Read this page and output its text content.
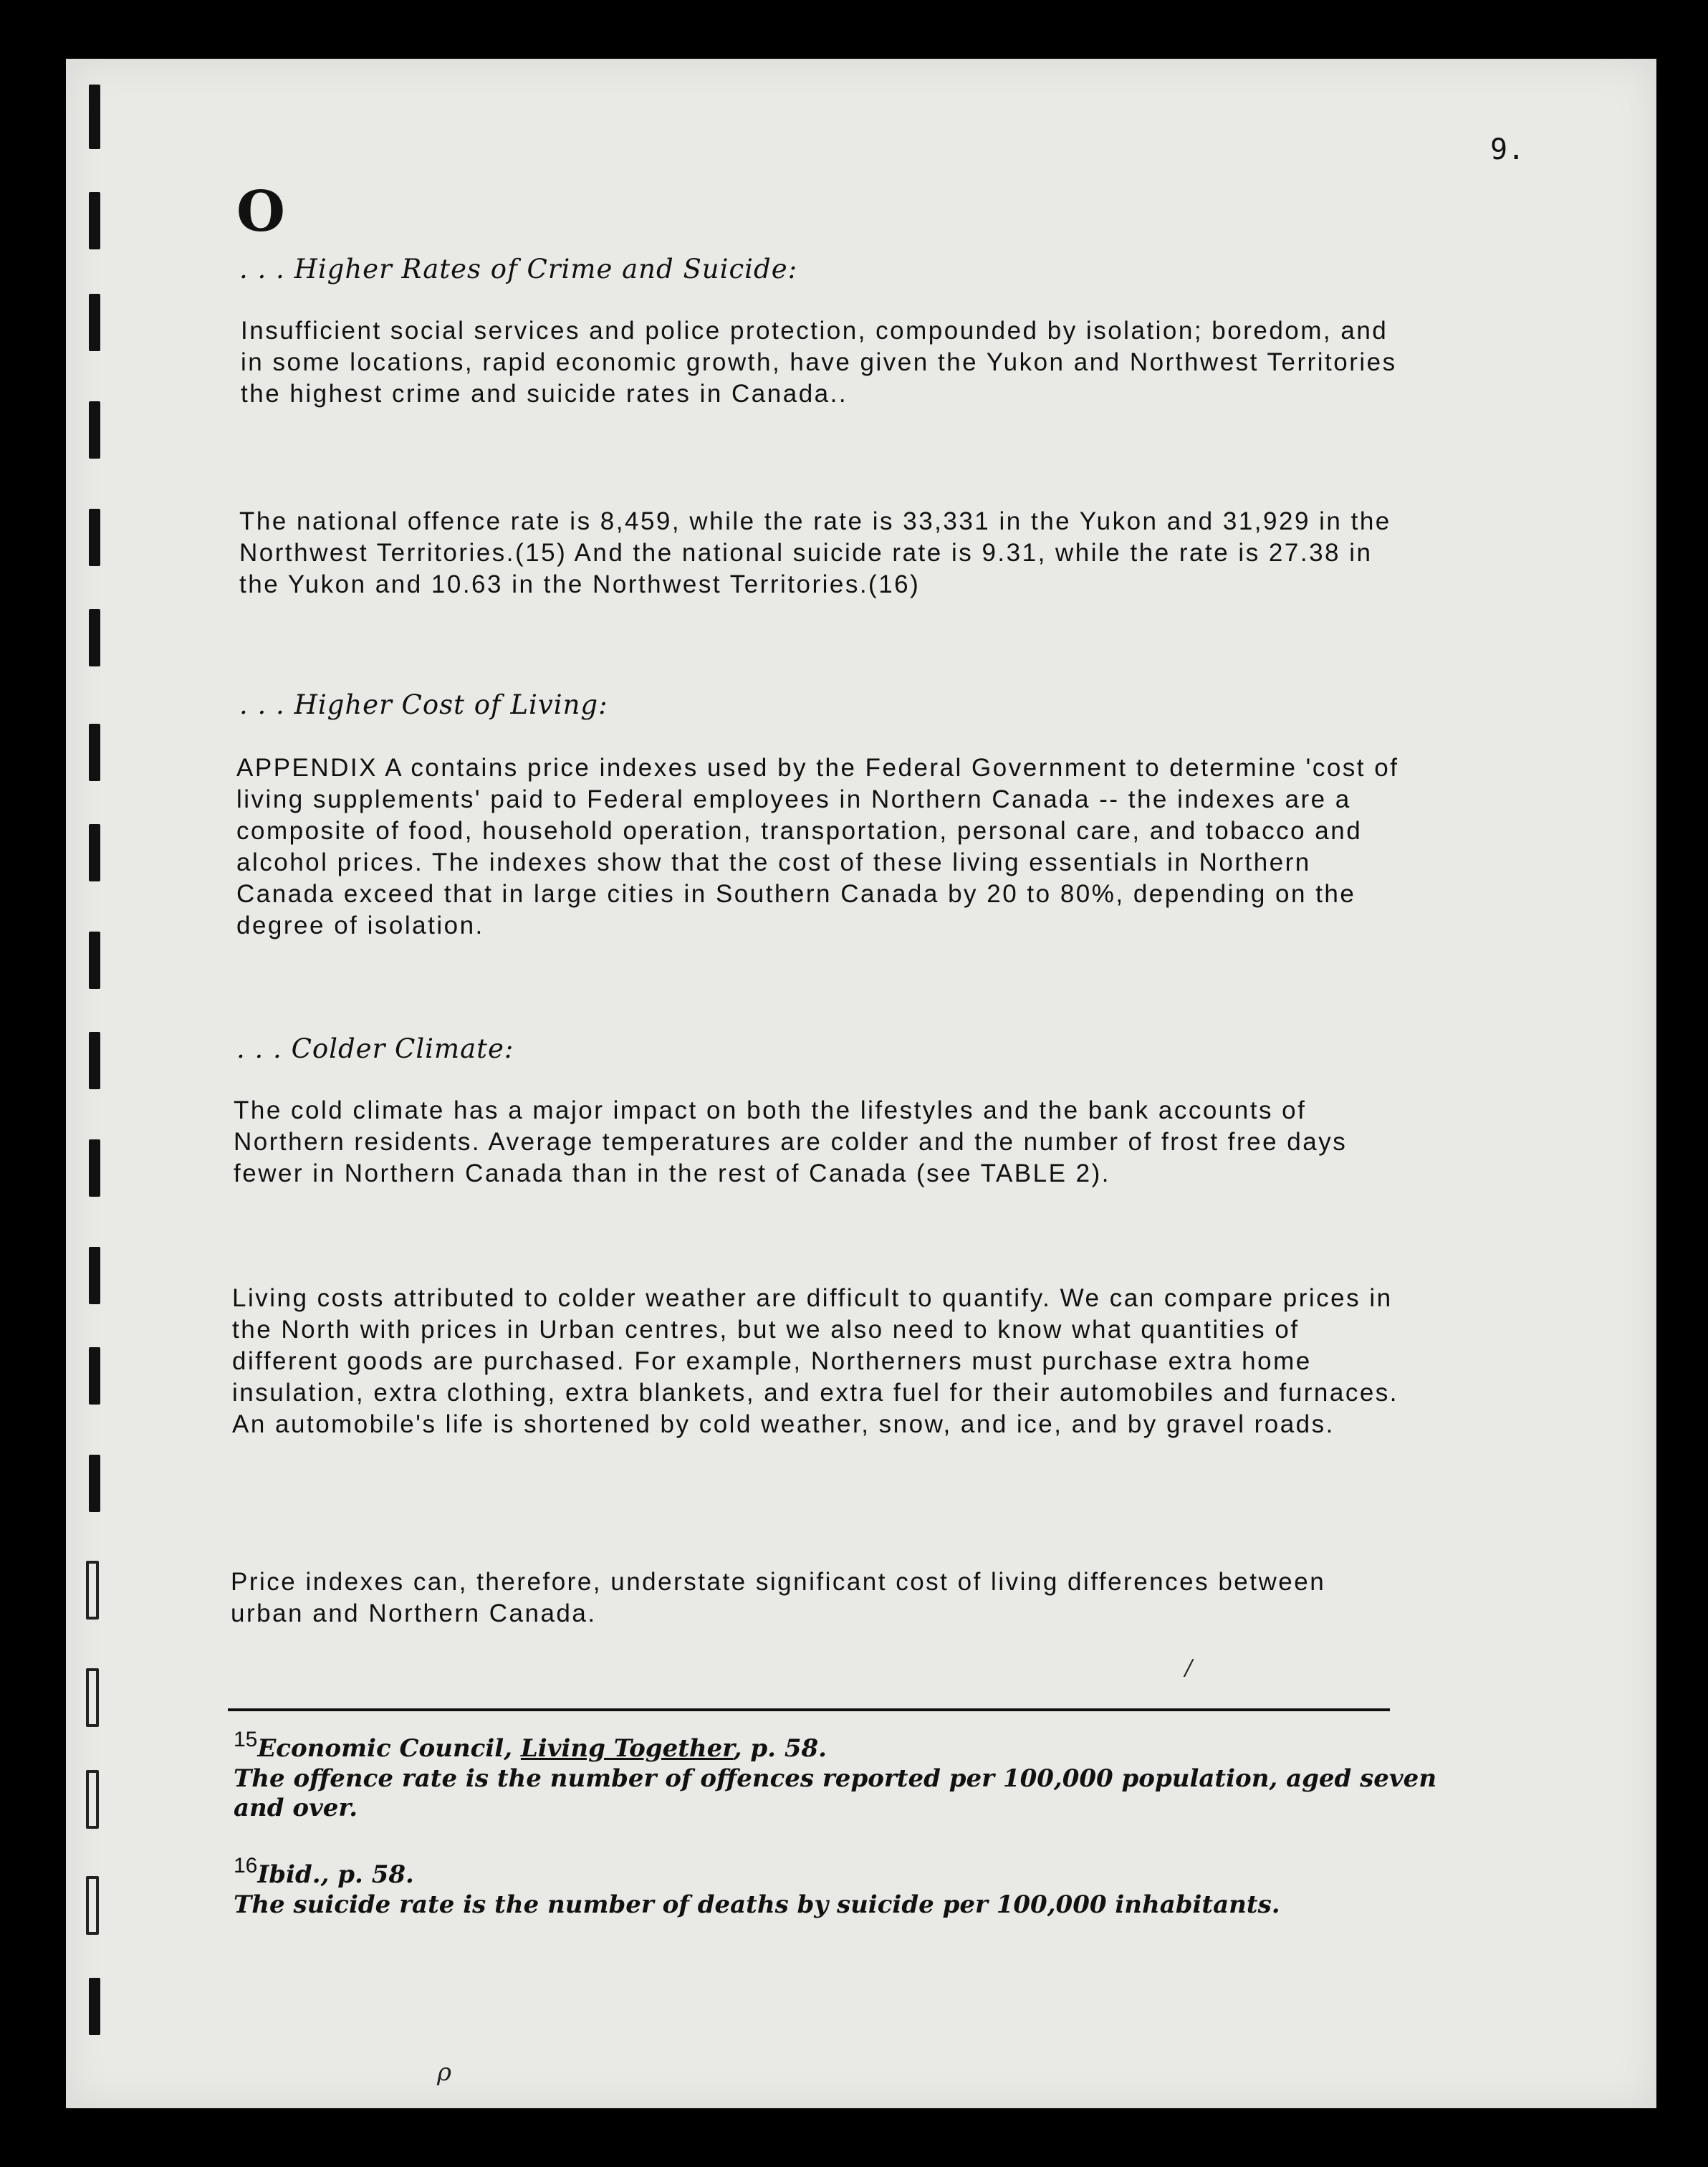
9.
O
. . . Higher Rates of Crime and Suicide:
Insufficient social services and police protection, compounded by isolation; boredom, and in some locations, rapid economic growth, have given the Yukon and Northwest Territories the highest crime and suicide rates in Canada..
The national offence rate is 8,459, while the rate is 33,331 in the Yukon and 31,929 in the Northwest Territories.(15) And the national suicide rate is 9.31, while the rate is 27.38 in the Yukon and 10.63 in the Northwest Territories.(16)
. . . Higher Cost of Living:
APPENDIX A contains price indexes used by the Federal Government to determine 'cost of living supplements' paid to Federal employees in Northern Canada -- the indexes are a composite of food, household operation, transportation, personal care, and tobacco and alcohol prices. The indexes show that the cost of these living essentials in Northern Canada exceed that in large cities in Southern Canada by 20 to 80%, depending on the degree of isolation.
. . . Colder Climate:
The cold climate has a major impact on both the lifestyles and the bank accounts of Northern residents. Average temperatures are colder and the number of frost free days fewer in Northern Canada than in the rest of Canada (see TABLE 2).
Living costs attributed to colder weather are difficult to quantify. We can compare prices in the North with prices in Urban centres, but we also need to know what quantities of different goods are purchased. For example, Northerners must purchase extra home insulation, extra clothing, extra blankets, and extra fuel for their automobiles and furnaces. An automobile's life is shortened by cold weather, snow, and ice, and by gravel roads.
Price indexes can, therefore, understate significant cost of living differences between urban and Northern Canada.
/
$^{15}$Economic Council, Living Together, p. 58.
The offence rate is the number of offences reported per 100,000 population, aged seven and over.
$^{16}$Ibid., p. 58.
The suicide rate is the number of deaths by suicide per 100,000 inhabitants.
ρ
